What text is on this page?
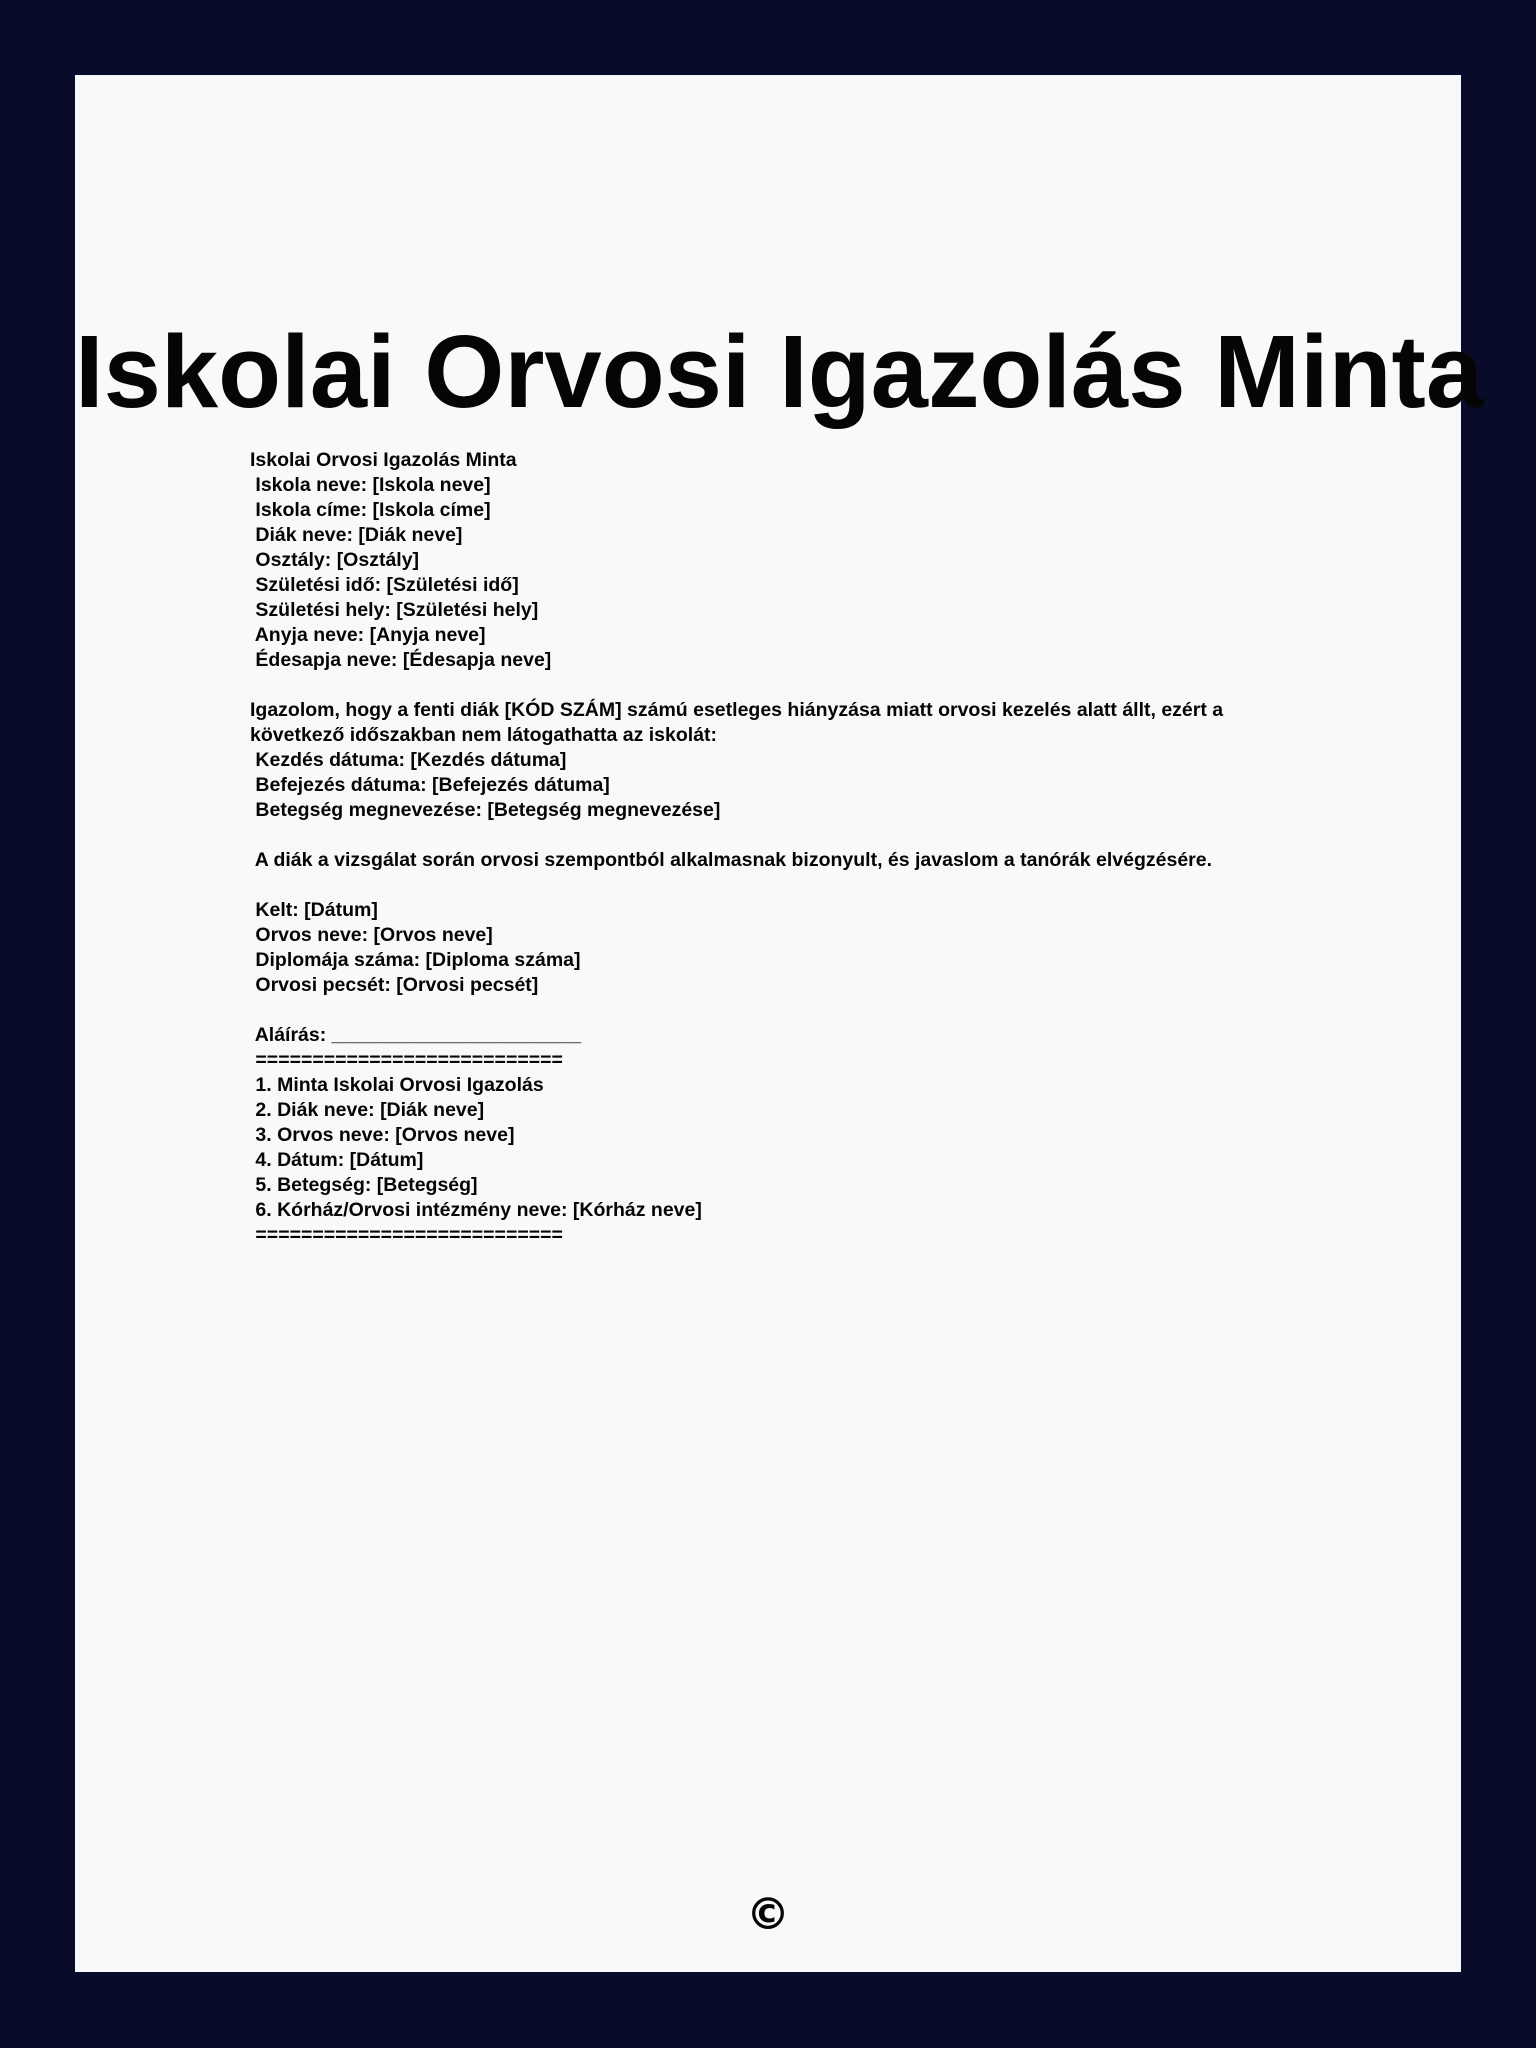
Iskolai Orvosi Igazolás Minta
Iskolai Orvosi Igazolás Minta
Iskola neve: [Iskola neve]
Iskola címe: [Iskola címe]
Diák neve: [Diák neve]
Osztály: [Osztály]
Születési idő: [Születési idő]
Születési hely: [Születési hely]
Anyja neve: [Anyja neve]
Édesapja neve: [Édesapja neve]
Igazolom, hogy a fenti diák [KÓD SZÁM] számú esetleges hiányzása miatt orvosi kezelés alatt állt, ezért a következő időszakban nem látogathatta az iskolát:
Kezdés dátuma: [Kezdés dátuma]
Befejezés dátuma: [Befejezés dátuma]
Betegség megnevezése: [Betegség megnevezése]
A diák a vizsgálat során orvosi szempontból alkalmasnak bizonyult, és javaslom a tanórák elvégzésére.
Kelt: [Dátum]
Orvos neve: [Orvos neve]
Diplomája száma: [Diploma száma]
Orvosi pecsét: [Orvosi pecsét]
Aláírás: _______________________
===========================
1. Minta Iskolai Orvosi Igazolás
2. Diák neve: [Diák neve]
3. Orvos neve: [Orvos neve]
4. Dátum: [Dátum]
5. Betegség: [Betegség]
6. Kórház/Orvosi intézmény neve: [Kórház neve]
===========================
©
